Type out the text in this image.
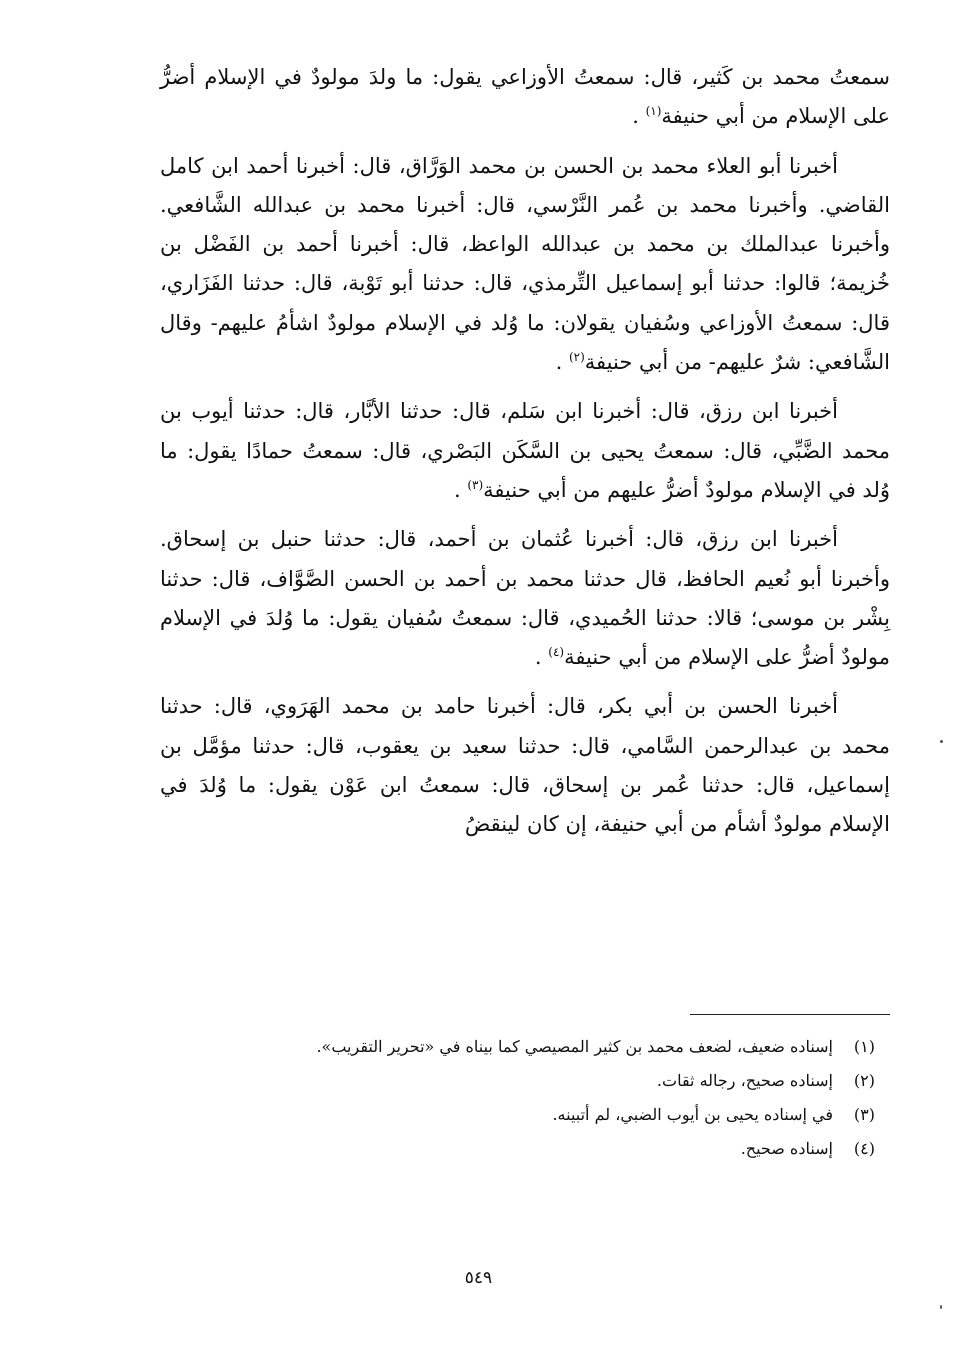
سمعتُ محمد بن كَثير، قال: سمعتُ الأوزاعي يقول: ما ولدَ مولودٌ في الإسلام أضرُّ على الإسلام من أبي حنيفة$^{(١)}$ .

أخبرنا أبو العلاء محمد بن الحسن بن محمد الوَرَّاق، قال: أخبرنا أحمد ابن كامل القاضي. وأخبرنا محمد بن عُمر النَّرْسي، قال: أخبرنا محمد بن عبدالله الشَّافعي. وأخبرنا عبدالملك بن محمد بن عبدالله الواعظ، قال: أخبرنا أحمد بن الفَضْل بن خُزيمة؛ قالوا: حدثنا أبو إسماعيل التِّرمذي، قال: حدثنا أبو تَوْبة، قال: حدثنا الفَزَاري، قال: سمعتُ الأوزاعي وسُفيان يقولان: ما وُلد في الإسلام مولودٌ اشأمُ عليهم- وقال الشَّافعي: شرٌ عليهم- من أبي حنيفة$^{(٢)}$ .

أخبرنا ابن رزق، قال: أخبرنا ابن سَلم، قال: حدثنا الأبَّار، قال: حدثنا أيوب بن محمد الضَّبِّي، قال: سمعتُ يحيى بن السَّكَن البَصْري، قال: سمعتُ حمادًا يقول: ما وُلد في الإسلام مولودٌ أضرُّ عليهم من أبي حنيفة$^{(٣)}$ .

أخبرنا ابن رزق، قال: أخبرنا عُثمان بن أحمد، قال: حدثنا حنبل بن إسحاق. وأخبرنا أبو نُعيم الحافظ، قال حدثنا محمد بن أحمد بن الحسن الصَّوَّاف، قال: حدثنا بِشْر بن موسى؛ قالا: حدثنا الحُميدي، قال: سمعتُ سُفيان يقول: ما وُلدَ في الإسلام مولودٌ أضرُّ على الإسلام من أبي حنيفة$^{(٤)}$ .

أخبرنا الحسن بن أبي بكر، قال: أخبرنا حامد بن محمد الهَرَوي، قال: حدثنا محمد بن عبدالرحمن السَّامي، قال: حدثنا سعيد بن يعقوب، قال: حدثنا مؤمَّل بن إسماعيل، قال: حدثنا عُمر بن إسحاق، قال: سمعتُ ابن عَوْن يقول: ما وُلدَ في الإسلام مولودٌ أشأم من أبي حنيفة، إن كان لينقضُ

(١)إسناده ضعيف، لضعف محمد بن كثير المصيصي كما بيناه في «تحرير التقريب».
(٢)إسناده صحيح، رجاله ثقات.
(٣)في إسناده يحيى بن أيوب الضبي، لم أتبينه.
(٤)إسناده صحيح.
٥٤٩
